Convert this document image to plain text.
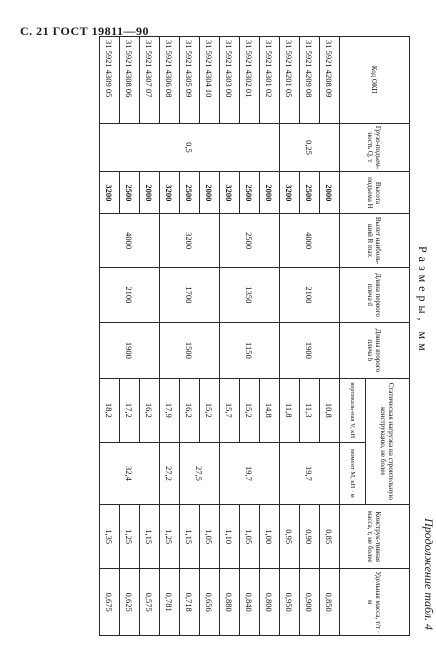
С. 21 ГОСТ 19811—90
Продолжение табл. 4
Размеры, мм
Код ОКП	Грузо-подъем-ность Q, т	Высота подъема H	Вылет наиболь-ший R max	Длина первого плеча d	Длина второго плеча b	Статическая нагрузка на строительную конструкцию, не более		Конструк-тивная масса, т, не более	Удельная масса, т/т · м
						вертикаль-ная V, кН	момент M, кН · м		
31 5921 4208 09	0,25	2000	4000	2100	1900	10,8	19,7	0,85	0,850
31 5921 4209 08		2500				11,3		0,90	0,900
31 5921 4201 05		3200				11,8		0,95	0,950
31 5921 4301 02	0,5	2000	2500	1350	1150	14,8	19,7	1,00	0,800
31 5921 4302 01		2500				15,2		1,05	0,840
31 5921 4303 00		3200				15,7		1,10	0,880
31 5921 4304 10		2000	3200	1700	1500	15,2	27,5	1,05	0,656
31 5921 4305 09		2500				16,2		1,15	0,718
31 5921 4306 08		3200				17,9	27,2	1,25	0,781
31 5921 4307 07		2000	4000	2100	1900	16,2	32,4	1,15	0,575
31 5921 4308 06		2500				17,2		1,25	0,625
31 5921 4309 05		3200				18,2		1,35	0,675
